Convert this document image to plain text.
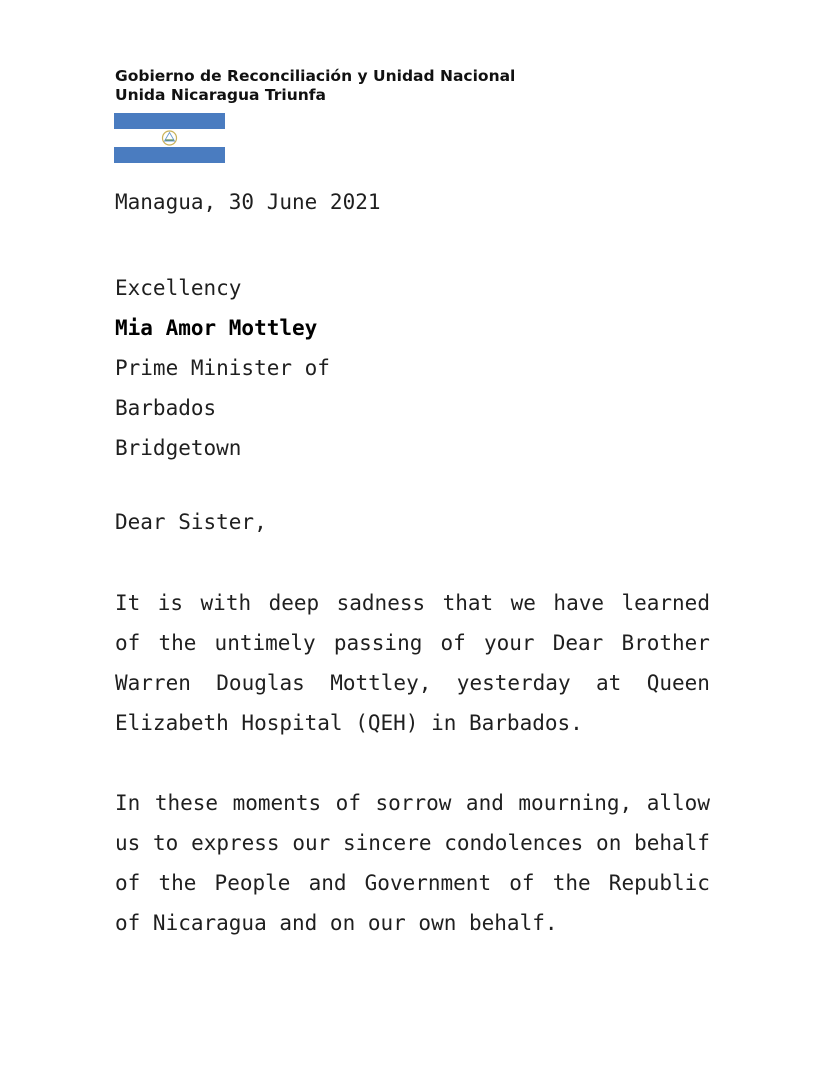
Gobierno de Reconciliación y Unidad Nacional
Unida Nicaragua Triunfa
Managua, 30 June 2021
Excellency
Mia Amor Mottley
Prime Minister of
Barbados
Bridgetown
Dear Sister,
It is with deep sadness that we have learned
of the untimely passing of your Dear Brother
Warren Douglas Mottley, yesterday at Queen
Elizabeth Hospital (QEH) in Barbados.
In these moments of sorrow and mourning, allow
us to express our sincere condolences on behalf
of the People and Government of the Republic
of Nicaragua and on our own behalf.
